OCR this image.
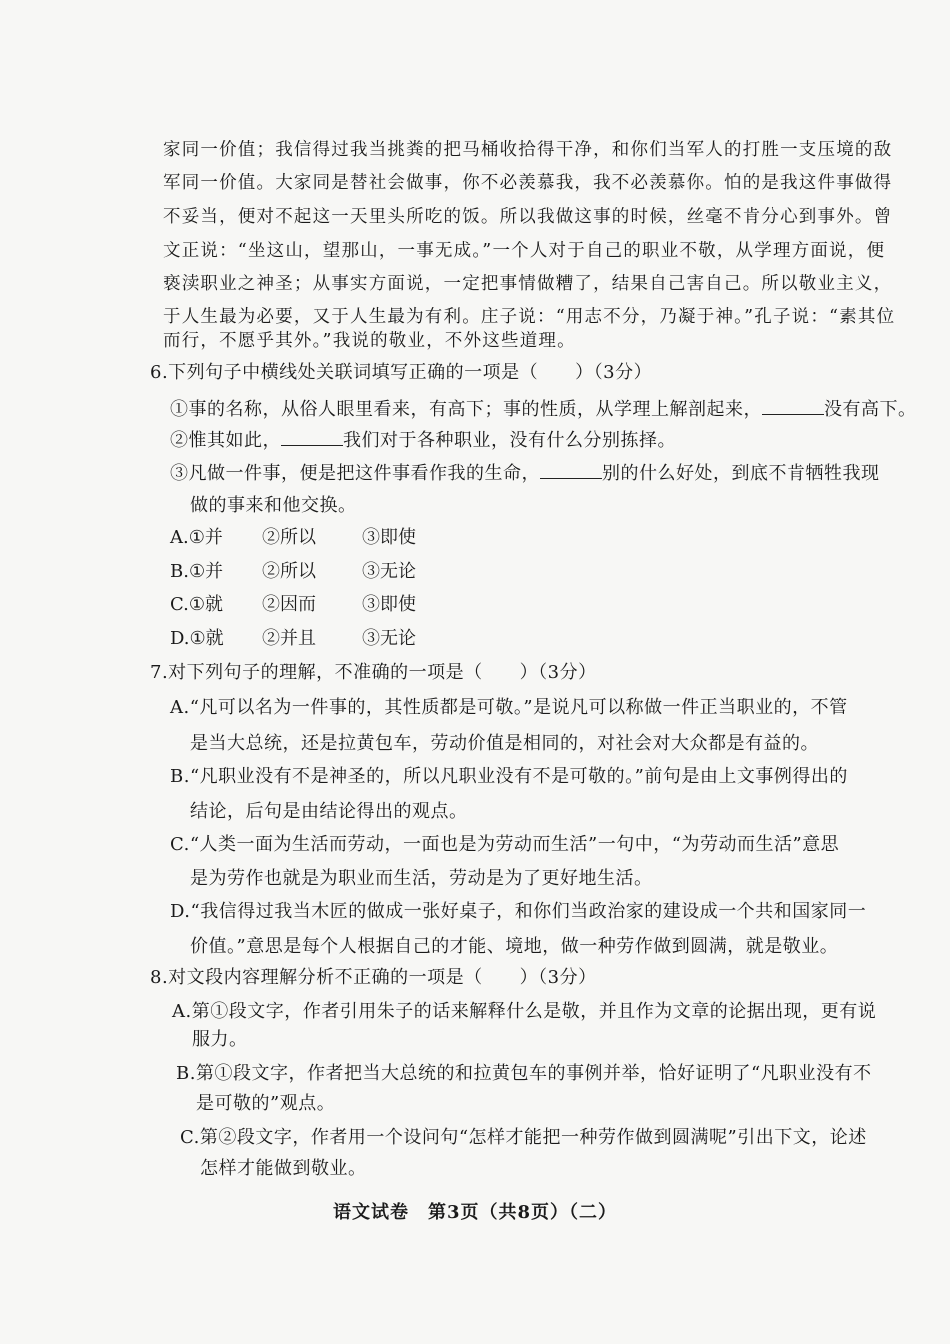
家同一价值；我信得过我当挑粪的把马桶收拾得干净，和你们当军人的打胜一支压境的敌
军同一价值。大家同是替社会做事，你不必羡慕我，我不必羡慕你。怕的是我这件事做得
不妥当，便对不起这一天里头所吃的饭。所以我做这事的时候，丝毫不肯分心到事外。曾
文正说：“坐这山，望那山，一事无成。”一个人对于自己的职业不敬，从学理方面说，便
亵渎职业之神圣；从事实方面说，一定把事情做糟了，结果自己害自己。所以敬业主义，
于人生最为必要，又于人生最为有利。庄子说：“用志不分，乃凝于神。”孔子说：“素其位
而行，不愿乎其外。”我说的敬业，不外这些道理。
6.下列句子中横线处关联词填写正确的一项是（　　）（3分）
①事的名称，从俗人眼里看来，有高下；事的性质，从学理上解剖起来，	没有高下。
②惟其如此，	我们对于各种职业，没有什么分别拣择。
③凡做一件事，便是把这件事看作我的生命，	别的什么好处，到底不肯牺牲我现
做的事来和他交换。
A.①并 ②所以	③即使
B.①并 ②所以	③无论
C.①就 ②因而	③即使
D.①就 ②并且	③无论
7.对下列句子的理解，不准确的一项是（　　）（3分）
A.“凡可以名为一件事的，其性质都是可敬。”是说凡可以称做一件正当职业的，不管
是当大总统，还是拉黄包车，劳动价值是相同的，对社会对大众都是有益的。
B.“凡职业没有不是神圣的，所以凡职业没有不是可敬的。”前句是由上文事例得出的
结论，后句是由结论得出的观点。
C.“人类一面为生活而劳动，一面也是为劳动而生活”一句中，“为劳动而生活”意思
是为劳作也就是为职业而生活，劳动是为了更好地生活。
D.“我信得过我当木匠的做成一张好桌子，和你们当政治家的建设成一个共和国家同一
价值。”意思是每个人根据自己的才能、境地，做一种劳作做到圆满，就是敬业。
8.对文段内容理解分析不正确的一项是（　　）（3分）
A.第①段文字，作者引用朱子的话来解释什么是敬，并且作为文章的论据出现，更有说
服力。
B.第①段文字，作者把当大总统的和拉黄包车的事例并举，恰好证明了“凡职业没有不
是可敬的”观点。
C.第②段文字，作者用一个设问句“怎样才能把一种劳作做到圆满呢”引出下文，论述
怎样才能做到敬业。
语文试卷　第3页（共8页）（二）
